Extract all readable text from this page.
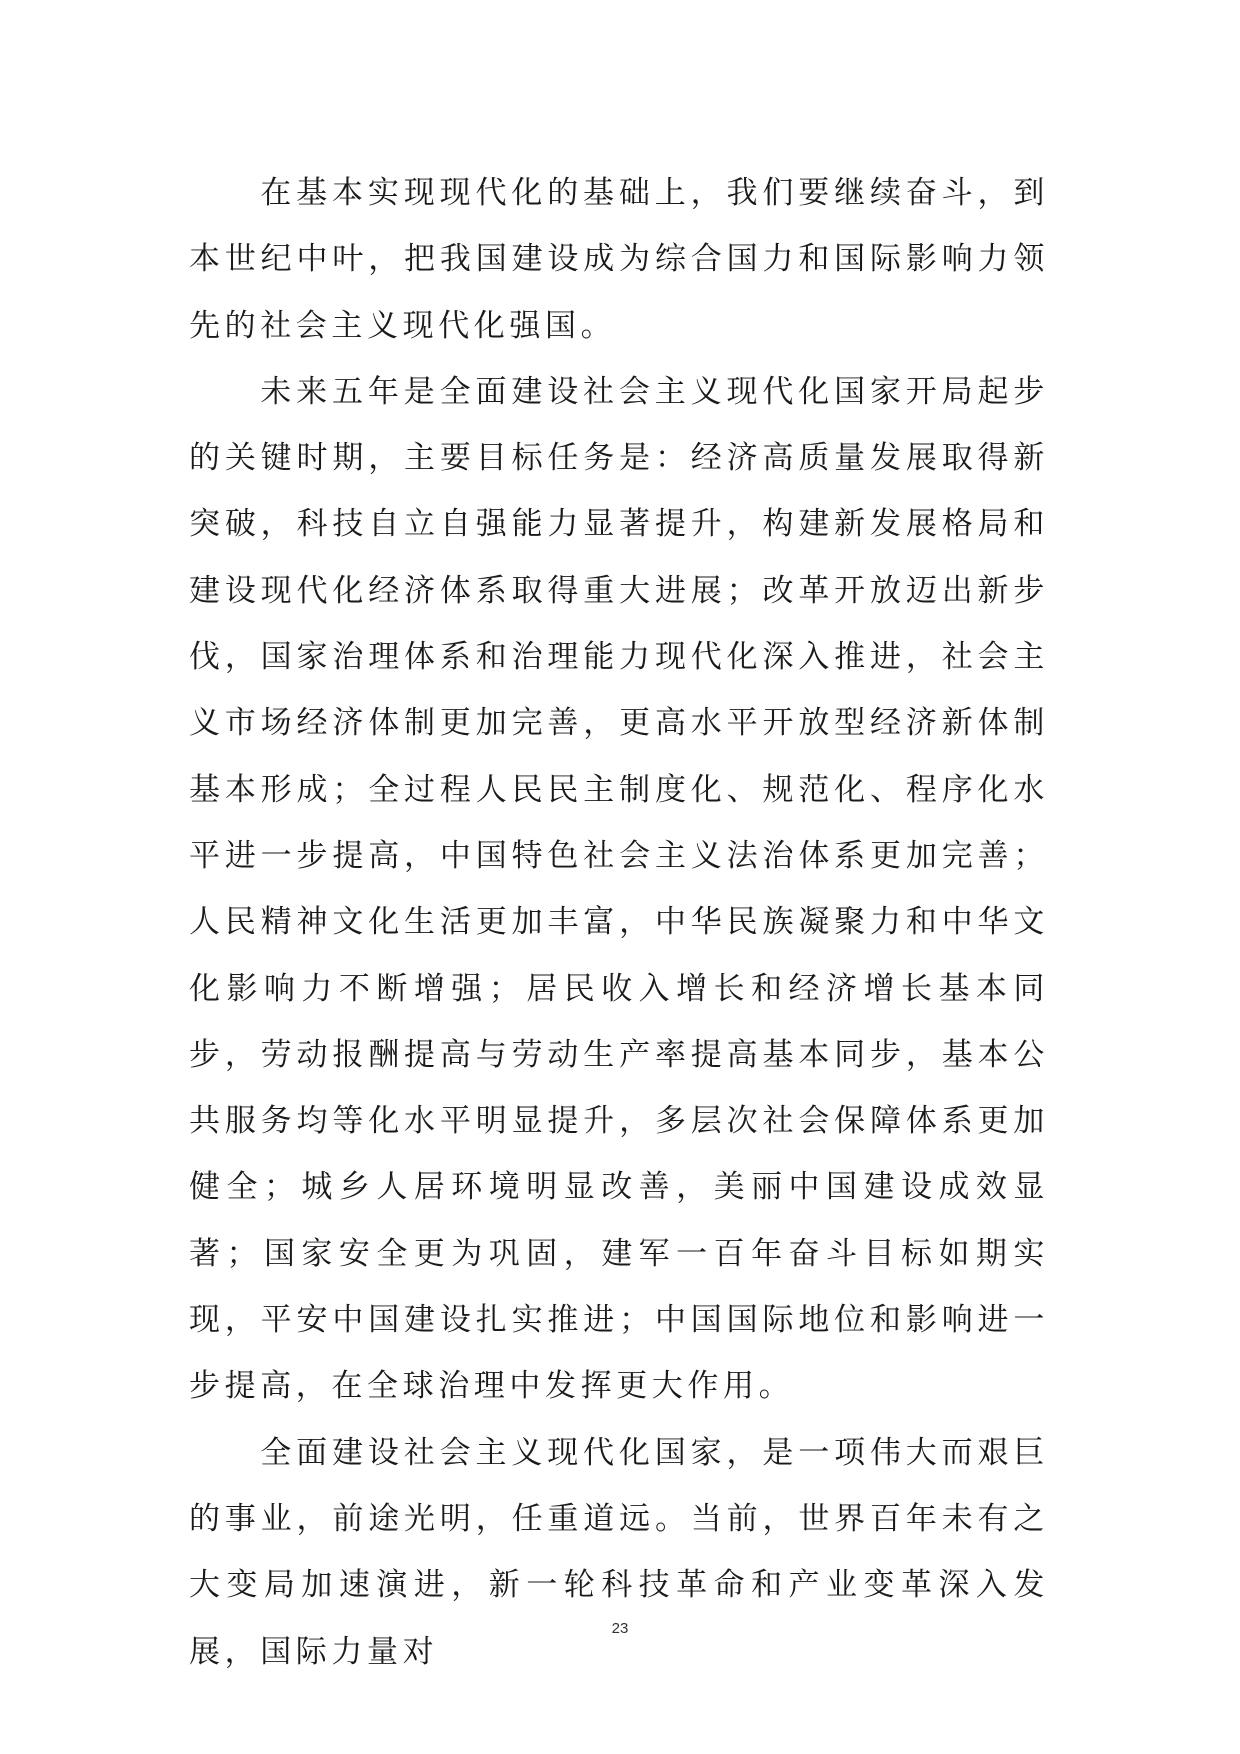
在基本实现现代化的基础上，我们要继续奋斗，到本世纪中叶，把我国建设成为综合国力和国际影响力领先的社会主义现代化强国。

未来五年是全面建设社会主义现代化国家开局起步的关键时期，主要目标任务是：经济高质量发展取得新突破，科技自立自强能力显著提升，构建新发展格局和建设现代化经济体系取得重大进展；改革开放迈出新步伐，国家治理体系和治理能力现代化深入推进，社会主义市场经济体制更加完善，更高水平开放型经济新体制基本形成；全过程人民民主制度化、规范化、程序化水平进一步提高，中国特色社会主义法治体系更加完善；人民精神文化生活更加丰富，中华民族凝聚力和中华文化影响力不断增强；居民收入增长和经济增长基本同步，劳动报酬提高与劳动生产率提高基本同步，基本公共服务均等化水平明显提升，多层次社会保障体系更加健全；城乡人居环境明显改善，美丽中国建设成效显著；国家安全更为巩固，建军一百年奋斗目标如期实现，平安中国建设扎实推进；中国国际地位和影响进一步提高，在全球治理中发挥更大作用。

全面建设社会主义现代化国家，是一项伟大而艰巨的事业，前途光明，任重道远。当前，世界百年未有之大变局加速演进，新一轮科技革命和产业变革深入发展，国际力量对

23
